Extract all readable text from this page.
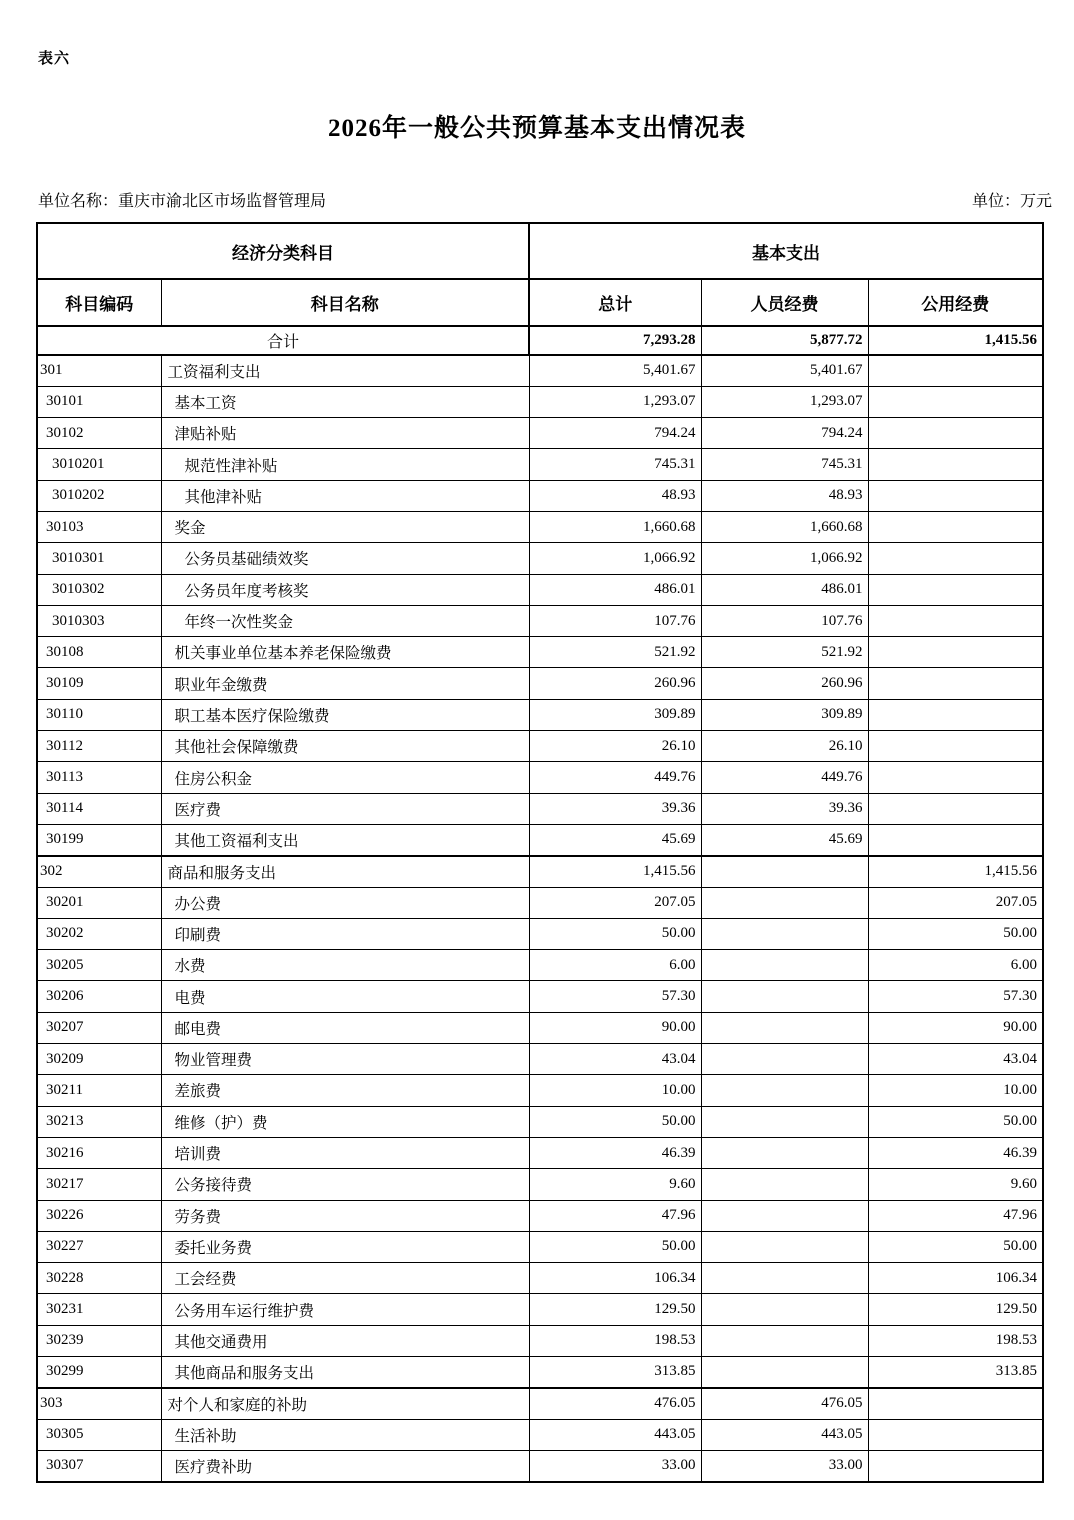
表六
2026年一般公共预算基本支出情况表
单位名称：重庆市渝北区市场监督管理局	单位：万元
经济分类科目		基本支出		
科目编码	科目名称	总计	人员经费	公用经费
合计		7,293.28	5,877.72	1,415.56
301	工资福利支出	5,401.67	5,401.67	
30101	基本工资	1,293.07	1,293.07	
30102	津贴补贴	794.24	794.24	
3010201	规范性津补贴	745.31	745.31	
3010202	其他津补贴	48.93	48.93	
30103	奖金	1,660.68	1,660.68	
3010301	公务员基础绩效奖	1,066.92	1,066.92	
3010302	公务员年度考核奖	486.01	486.01	
3010303	年终一次性奖金	107.76	107.76	
30108	机关事业单位基本养老保险缴费	521.92	521.92	
30109	职业年金缴费	260.96	260.96	
30110	职工基本医疗保险缴费	309.89	309.89	
30112	其他社会保障缴费	26.10	26.10	
30113	住房公积金	449.76	449.76	
30114	医疗费	39.36	39.36	
30199	其他工资福利支出	45.69	45.69	
302	商品和服务支出	1,415.56		1,415.56
30201	办公费	207.05		207.05
30202	印刷费	50.00		50.00
30205	水费	6.00		6.00
30206	电费	57.30		57.30
30207	邮电费	90.00		90.00
30209	物业管理费	43.04		43.04
30211	差旅费	10.00		10.00
30213	维修（护）费	50.00		50.00
30216	培训费	46.39		46.39
30217	公务接待费	9.60		9.60
30226	劳务费	47.96		47.96
30227	委托业务费	50.00		50.00
30228	工会经费	106.34		106.34
30231	公务用车运行维护费	129.50		129.50
30239	其他交通费用	198.53		198.53
30299	其他商品和服务支出	313.85		313.85
303	对个人和家庭的补助	476.05	476.05	
30305	生活补助	443.05	443.05	
30307	医疗费补助	33.00	33.00	
